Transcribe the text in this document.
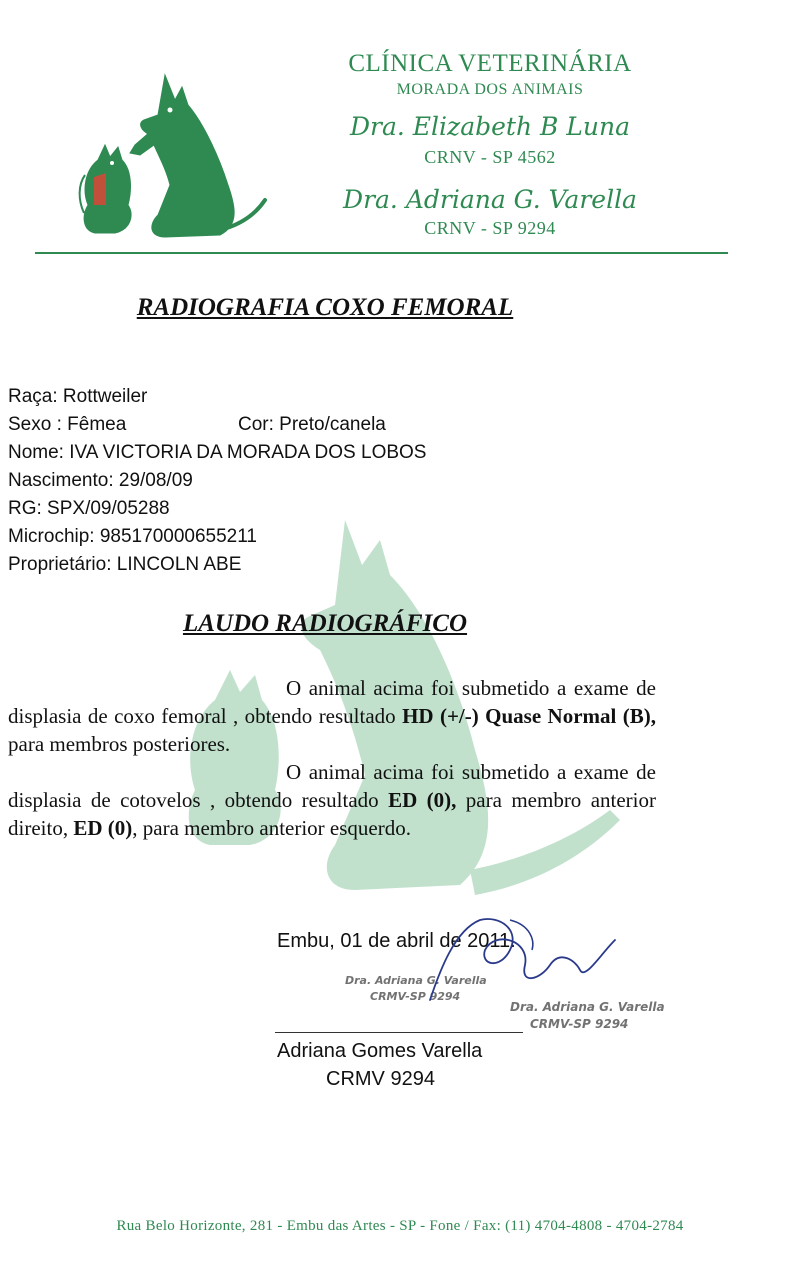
CLÍNICA VETERINÁRIA
MORADA DOS ANIMAIS
Dra. Elizabeth B Luna
CRNV - SP 4562
Dra. Adriana G. Varella
CRNV - SP 9294
RADIOGRAFIA COXO FEMORAL
Raça: Rottweiler
Sexo : Fêmea	Cor: Preto/canela
Nome: IVA VICTORIA DA MORADA DOS LOBOS
Nascimento: 29/08/09
RG: SPX/09/05288
Microchip: 985170000655211
Proprietário: LINCOLN ABE
LAUDO RADIOGRÁFICO
O animal acima foi submetido a exame de displasia de coxo femoral , obtendo resultado HD (+/-) Quase Normal (B), para membros posteriores.
O animal acima foi submetido a exame de displasia de cotovelos , obtendo resultado ED (0), para membro anterior direito, ED (0), para membro anterior esquerdo.
Embu, 01 de abril de 2011.
Dra. Adriana G. Varella
CRMV-SP 9294
Dra. Adriana G. Varella
CRMV-SP 9294
Adriana Gomes Varella
CRMV 9294
Rua Belo Horizonte, 281 - Embu das Artes - SP - Fone / Fax: (11) 4704-4808 - 4704-2784
